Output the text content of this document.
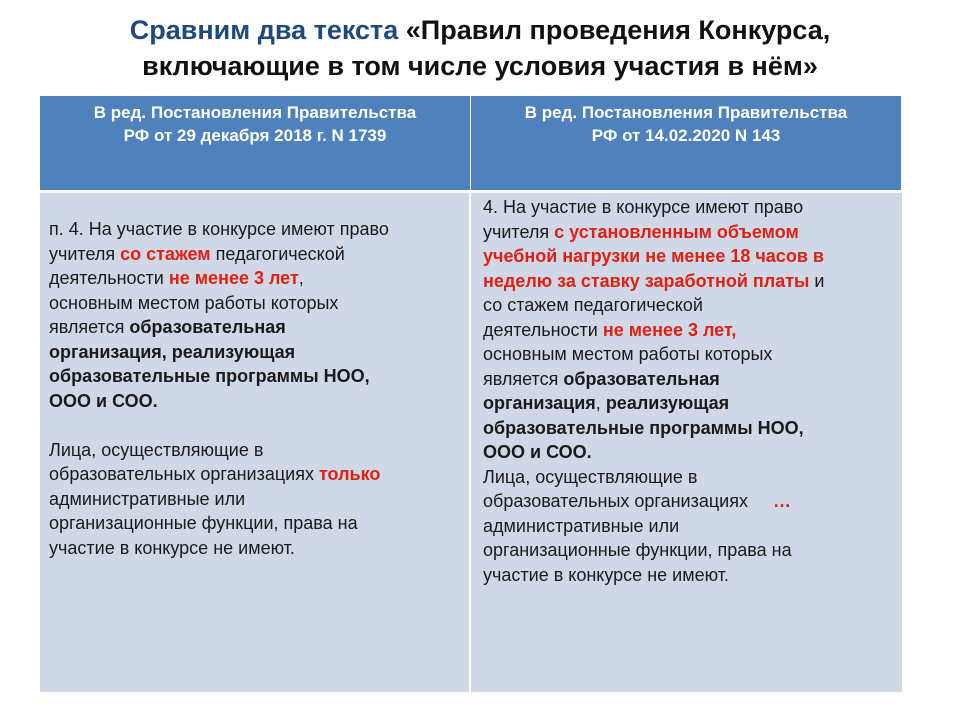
Сравним два текста «Правил проведения Конкурса,
включающие в том числе условия участия в нём»
В ред. Постановления Правительства
РФ от 29 декабря 2018 г. N 1739
В ред. Постановления Правительства
РФ от 14.02.2020 N 143
п. 4. На участие в конкурсе имеют право
учителя со стажем педагогической
деятельности не менее 3 лет,
основным местом работы которых
является образовательная
организация, реализующая
образовательные программы НОО,
ООО и СОО.
Лица, осуществляющие в
образовательных организациях только
административные или
организационные функции, права на
участие в конкурсе не имеют.
4. На участие в конкурсе имеют право
учителя с установленным объемом
учебной нагрузки не менее 18 часов в
неделю за ставку заработной платы и
со стажем педагогической
деятельности не менее 3 лет,
основным местом работы которых
является образовательная
организация, реализующая
образовательные программы НОО,
ООО и СОО.
Лица, осуществляющие в
образовательных организациях     …
административные или
организационные функции, права на
участие в конкурсе не имеют.
